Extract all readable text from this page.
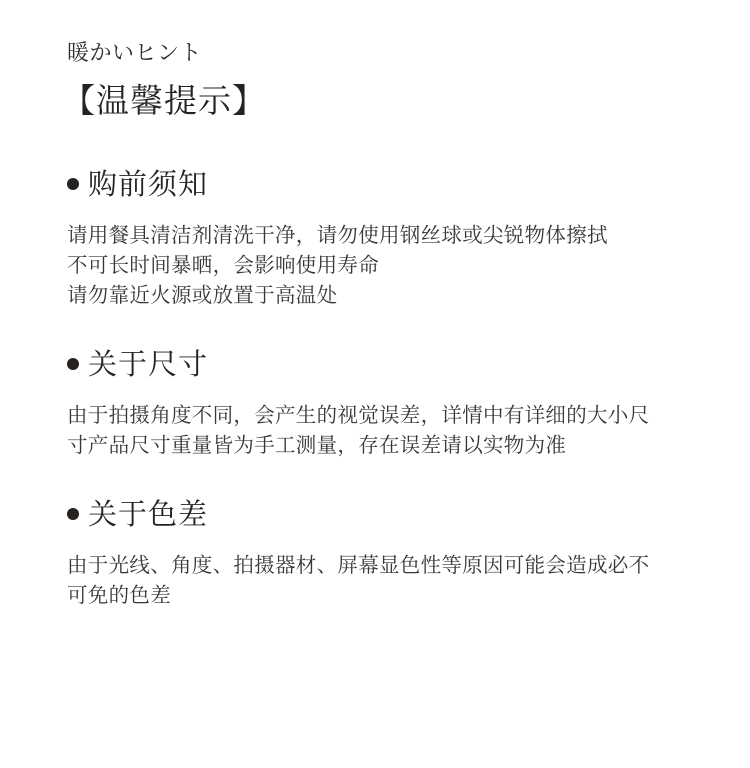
暖かいヒント
【温馨提示】
购前须知
请用餐具清洁剂清洗干净，请勿使用钢丝球或尖锐物体擦拭
不可长时间暴晒，会影响使用寿命
请勿靠近火源或放置于高温处
关于尺寸
由于拍摄角度不同，会产生的视觉误差，详情中有详细的大小尺
寸产品尺寸重量皆为手工测量，存在误差请以实物为准
关于色差
由于光线、角度、拍摄器材、屏幕显色性等原因可能会造成必不
可免的色差
